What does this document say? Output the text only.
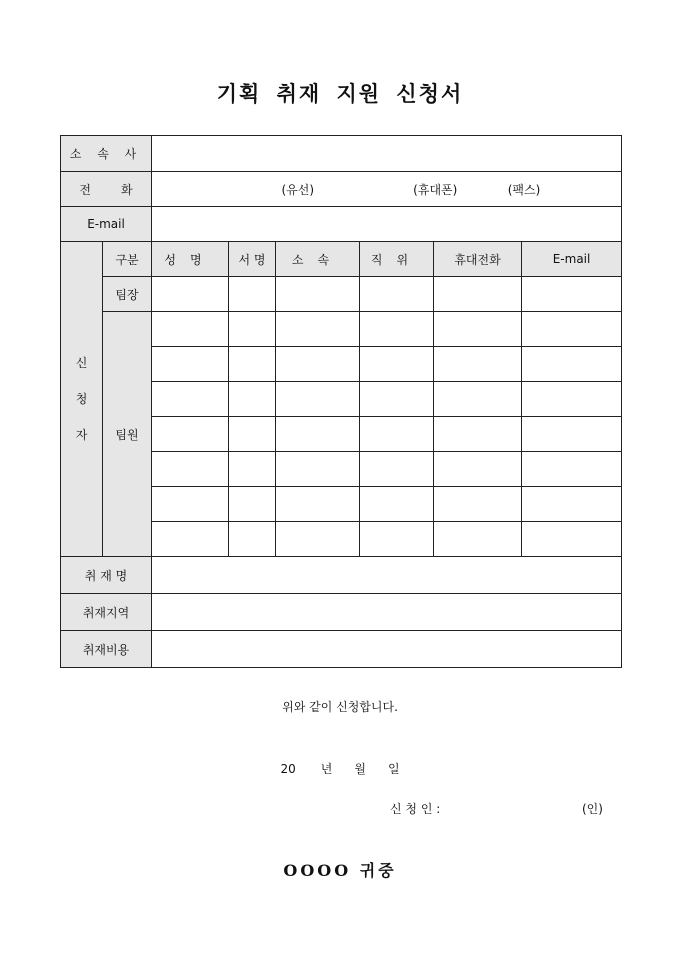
기획 취재 지원 신청서
소 속 사							
전 화		(유선) (휴대폰) (팩스)					
E-mail							
신
청
자	구분	성명	서 명	소속	직위	휴대전화	E-mail
	팀장						
	팀원						

취 재 명							
취재지역							
취재비용							
위와 같이 신청합니다.
20 년 월 일
신 청 인 :	(인)
OOOO 귀중
